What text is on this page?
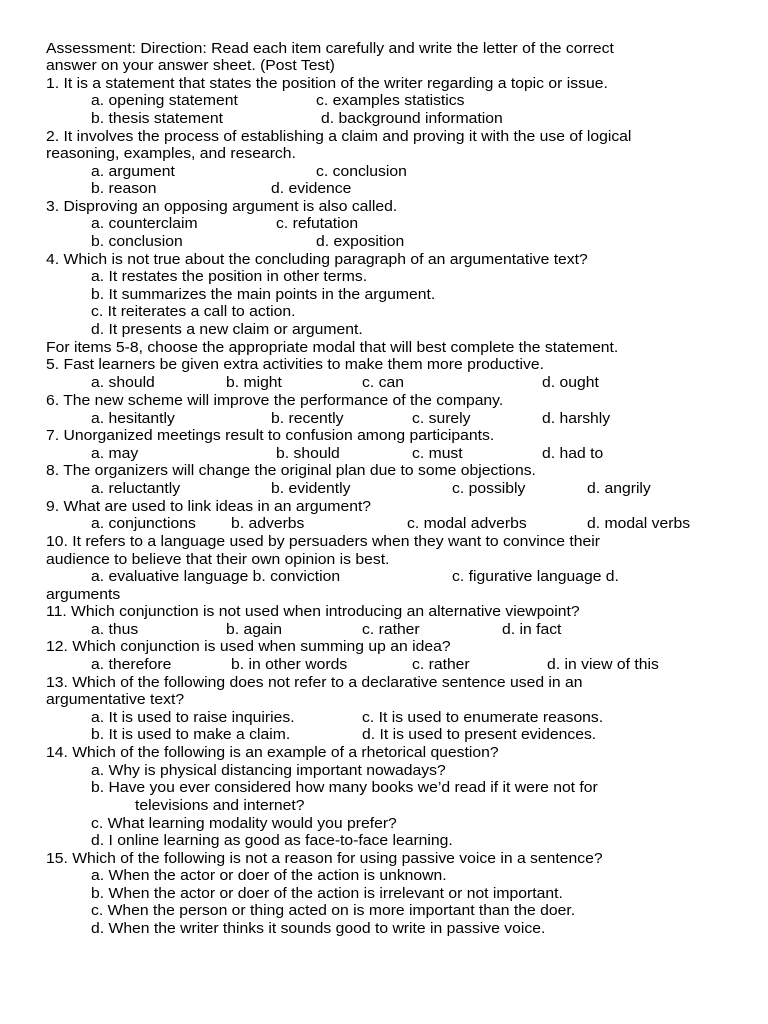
Assessment: Direction: Read each item carefully and write the letter of the correct
answer on your answer sheet. (Post Test)
1. It is a statement that states the position of the writer regarding a topic or issue.
a. opening statement	c. examples statistics
b. thesis statement	d. background information
2. It involves the process of establishing a claim and proving it with the use of logical
reasoning, examples, and research.
a. argument	c. conclusion
b. reason	d. evidence
3. Disproving an opposing argument is also called.
a. counterclaim	c. refutation
b. conclusion	d. exposition
4. Which is not true about the concluding paragraph of an argumentative text?
a. It restates the position in other terms.
b. It summarizes the main points in the argument.
c. It reiterates a call to action.
d. It presents a new claim or argument.
For items 5-8, choose the appropriate modal that will best complete the statement.
5. Fast learners be given extra activities to make them more productive.
a. should	b. might	c. can	d. ought
6. The new scheme will improve the performance of the company.
a. hesitantly	b. recently	c. surely	d. harshly
7. Unorganized meetings result to confusion among participants.
a. may	b. should	c. must	d. had to
8. The organizers will change the original plan due to some objections.
a. reluctantly	b. evidently	c. possibly	d. angrily
9. What are used to link ideas in an argument?
a. conjunctions b. adverbs	c. modal adverbs	d. modal verbs
10. It refers to a language used by persuaders when they want to convince their
audience to believe that their own opinion is best.
a. evaluative language b. conviction	c. figurative language d.
arguments
11. Which conjunction is not used when introducing an alternative viewpoint?
a. thus	b. again	c. rather	d. in fact
12. Which conjunction is used when summing up an idea?
a. therefore	b. in other words	c. rather	d. in view of this
13. Which of the following does not refer to a declarative sentence used in an
argumentative text?
a. It is used to raise inquiries.	c. It is used to enumerate reasons.
b. It is used to make a claim.	d. It is used to present evidences.
14. Which of the following is an example of a rhetorical question?
a. Why is physical distancing important nowadays?
b. Have you ever considered how many books we’d read if it were not for
televisions and internet?
c. What learning modality would you prefer?
d. I online learning as good as face-to-face learning.
15. Which of the following is not a reason for using passive voice in a sentence?
a. When the actor or doer of the action is unknown.
b. When the actor or doer of the action is irrelevant or not important.
c. When the person or thing acted on is more important than the doer.
d. When the writer thinks it sounds good to write in passive voice.
